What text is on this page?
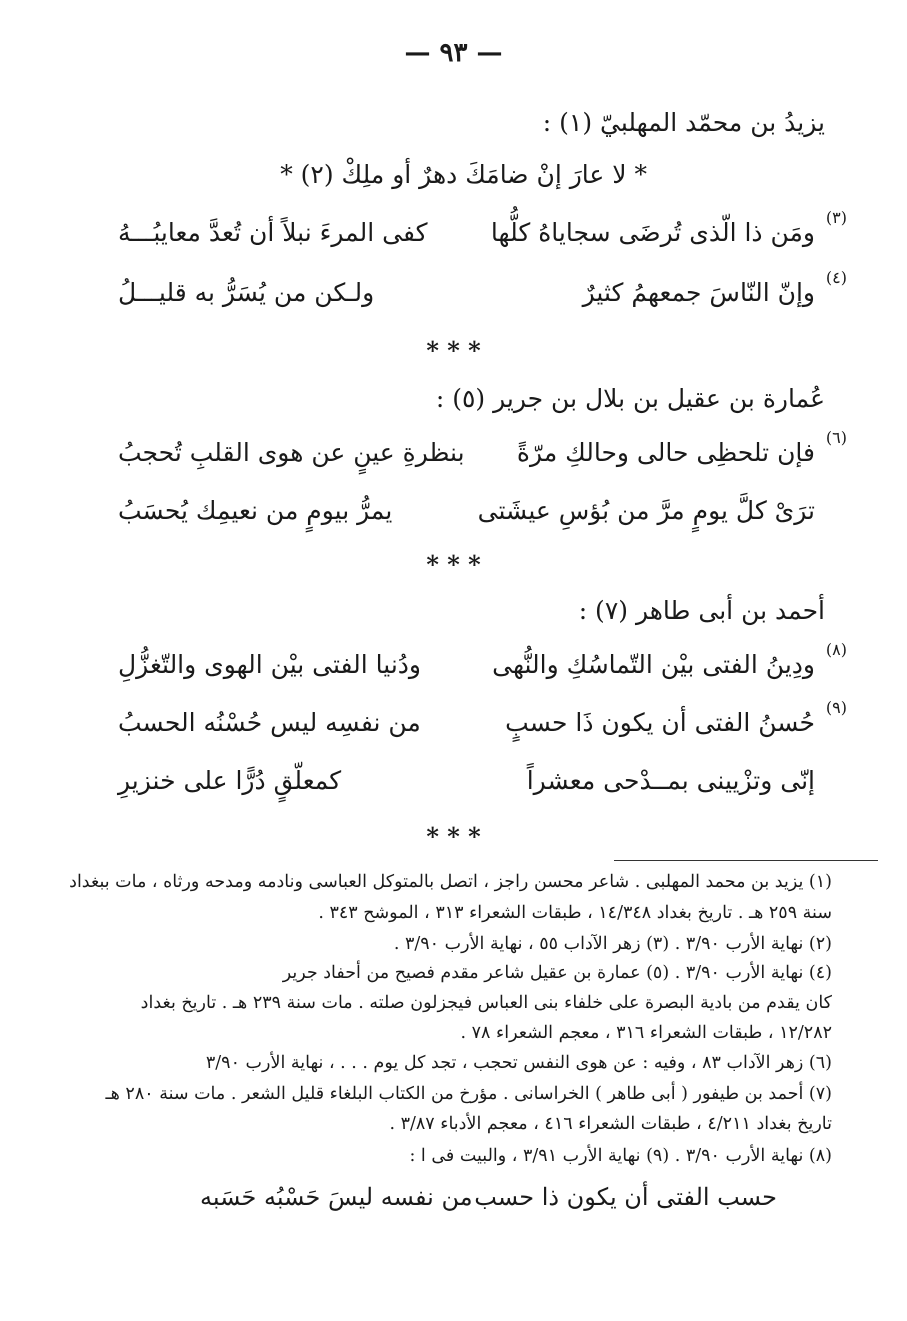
— ٩٣ —
يزيدُ بن محمّد المهلبيّ (١) :
* لا عارَ إنْ ضامَكَ دهرٌ أو ملِكْ (٢) *
ومَن ذا الّذى تُرضَى سجاياهُ كلُّها
كفى المرءَ نبلاً أن تُعدَّ معايبُـــهُ
(٣)
وإنّ النّاسَ جمعهمُ كثيرٌ
ولـكن من يُسَرُّ به قليـــلُ
(٤)
* * *
عُمارة بن عقيل بن بلال بن جرير (٥) :
فإن تلحظِى حالى وحالكِ مرّةً
بنظرةِ عينٍ عن هوى القلبِ تُحجبُ
(٦)
ترَىْ كلَّ يومٍ مرَّ من بُؤسِ عيشَتى
يمرُّ بيومٍ من نعيمِك يُحسَبُ
* * *
أحمد بن أبى طاهر (٧) :
ودِينُ الفتى بيْن التّماسُكِ والنُّهى
ودُنيا الفتى بيْن الهوى والتّغزُّلِ
(٨)
حُسنُ الفتى أن يكون ذَا حسبٍ
من نفسِه ليس حُسْنُه الحسبُ
(٩)
إنّى وتزْيينى بمــدْحى معشراً
كمعلّقٍ دُرًّا على خنزيرِ
* * *
(١) يزيد بن محمد المهلبى . شاعر محسن راجز ، اتصل بالمتوكل العباسى ونادمه ومدحه ورثاه ، مات ببغداد
سنة ٢٥٩ هـ . تاريخ بغداد ١٤/٣٤٨ ، طبقات الشعراء ٣١٣ ، الموشح ٣٤٣ .
(٢) نهاية الأرب ٣/٩٠ . (٣) زهر الآداب ٥٥ ، نهاية الأرب ٣/٩٠ .
(٤) نهاية الأرب ٣/٩٠ . (٥) عمارة بن عقيل شاعر مقدم فصيح من أحفاد جرير
كان يقدم من بادية البصرة على خلفاء بنى العباس فيجزلون صلته . مات سنة ٢٣٩ هـ . تاريخ بغداد
١٢/٢٨٢ ، طبقات الشعراء ٣١٦ ، معجم الشعراء ٧٨ .
(٦) زهر الآداب ٨٣ ، وفيه : عن هوى النفس تحجب ، تجد كل يوم . . . ، نهاية الأرب ٣/٩٠
(٧) أحمد بن طيفور ( أبى طاهر ) الخراسانى . مؤرخ من الكتاب البلغاء قليل الشعر . مات سنة ٢٨٠ هـ
تاريخ بغداد ٤/٢١١ ، طبقات الشعراء ٤١٦ ، معجم الأدباء ٣/٨٧ .
(٨) نهاية الأرب ٣/٩٠ . (٩) نهاية الأرب ٣/٩١ ، والبيت فى ا :
حسب الفتى أن يكون ذا حسب
من نفسه ليسَ حَسْبُه حَسَبه
